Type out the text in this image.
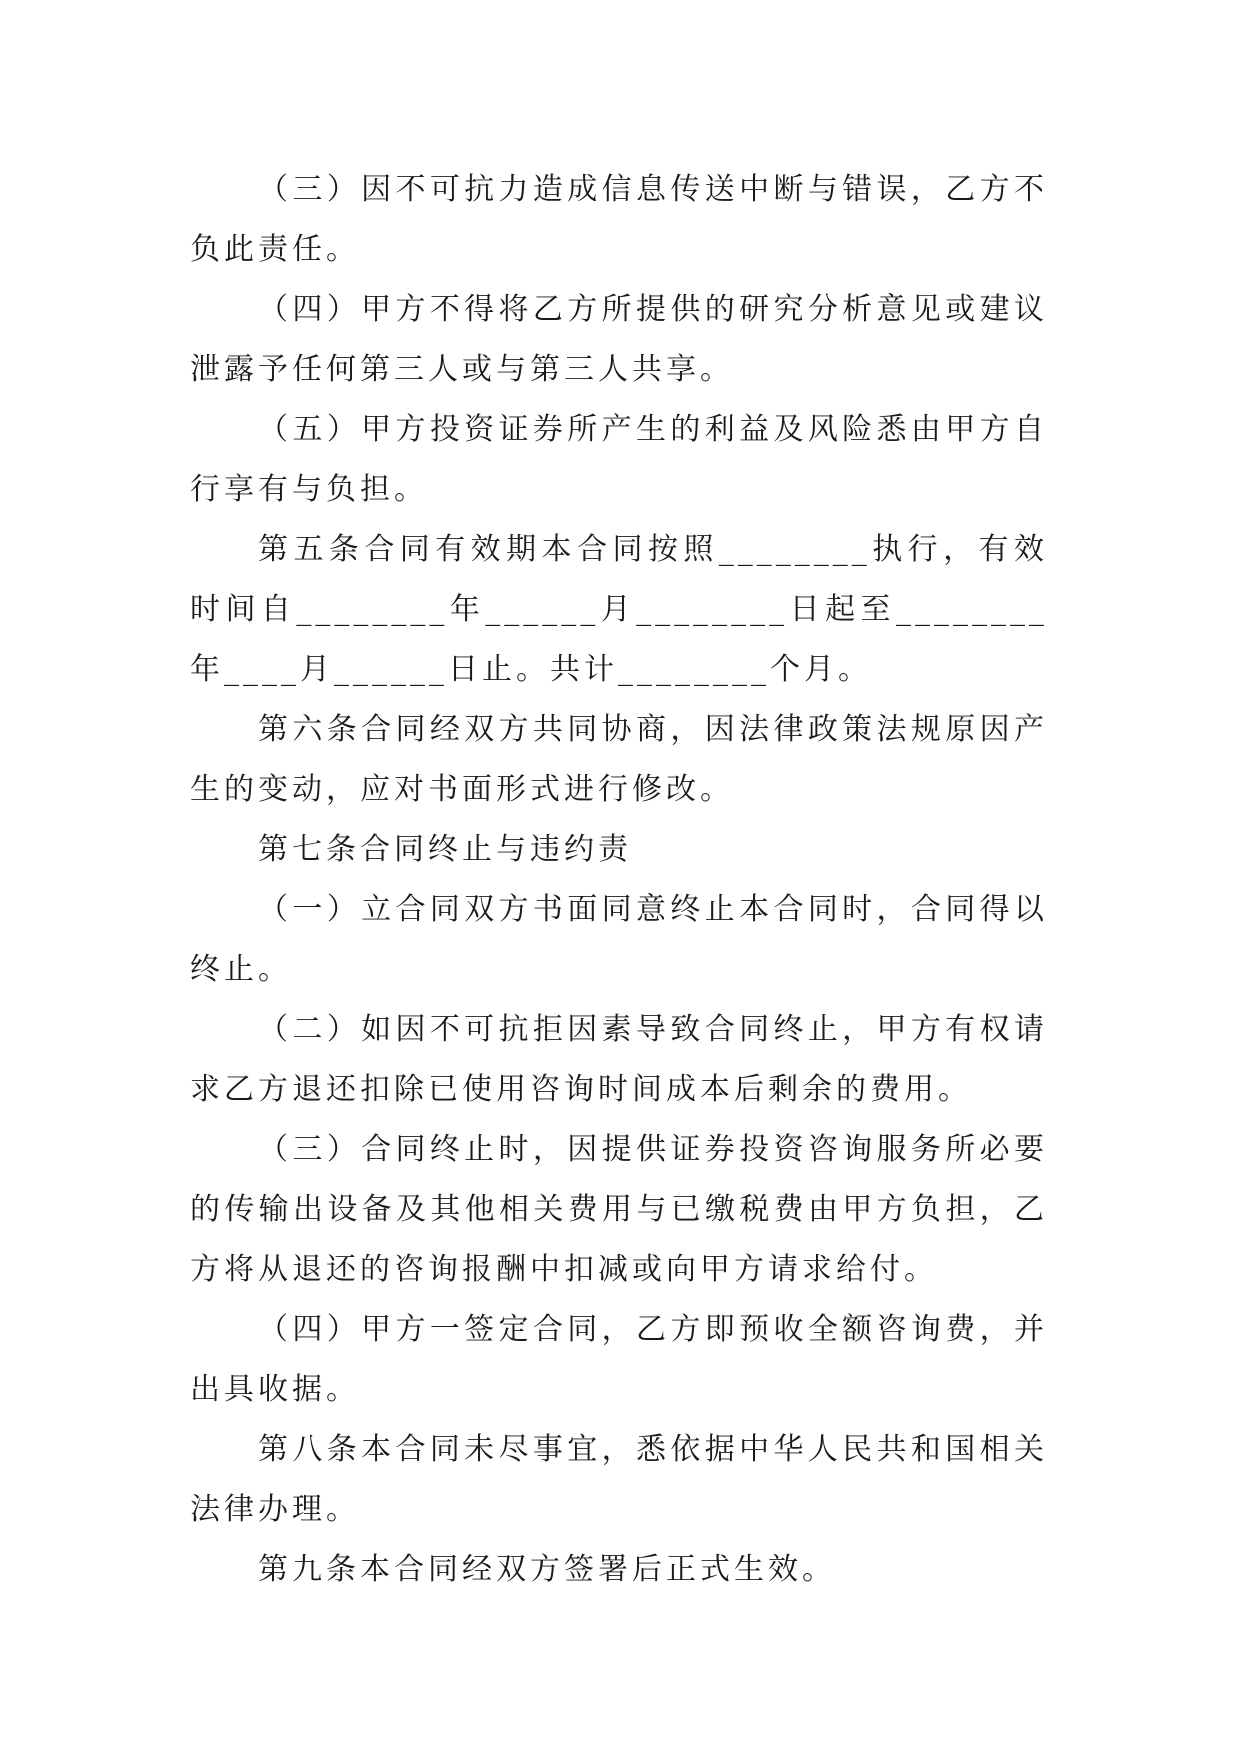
（三）因不可抗力造成信息传送中断与错误，乙方不负此责任。

（四）甲方不得将乙方所提供的研究分析意见或建议泄露予任何第三人或与第三人共享。

（五）甲方投资证券所产生的利益及风险悉由甲方自行享有与负担。

第五条合同有效期本合同按照________执行，有效时间自________年______月________日起至________年____月______日止。共计________个月。

第六条合同经双方共同协商，因法律政策法规原因产生的变动，应对书面形式进行修改。

第七条合同终止与违约责

（一）立合同双方书面同意终止本合同时，合同得以终止。

（二）如因不可抗拒因素导致合同终止，甲方有权请求乙方退还扣除已使用咨询时间成本后剩余的费用。

（三）合同终止时，因提供证券投资咨询服务所必要的传输出设备及其他相关费用与已缴税费由甲方负担，乙方将从退还的咨询报酬中扣减或向甲方请求给付。

（四）甲方一签定合同，乙方即预收全额咨询费，并出具收据。

第八条本合同未尽事宜，悉依据中华人民共和国相关法律办理。

第九条本合同经双方签署后正式生效。
